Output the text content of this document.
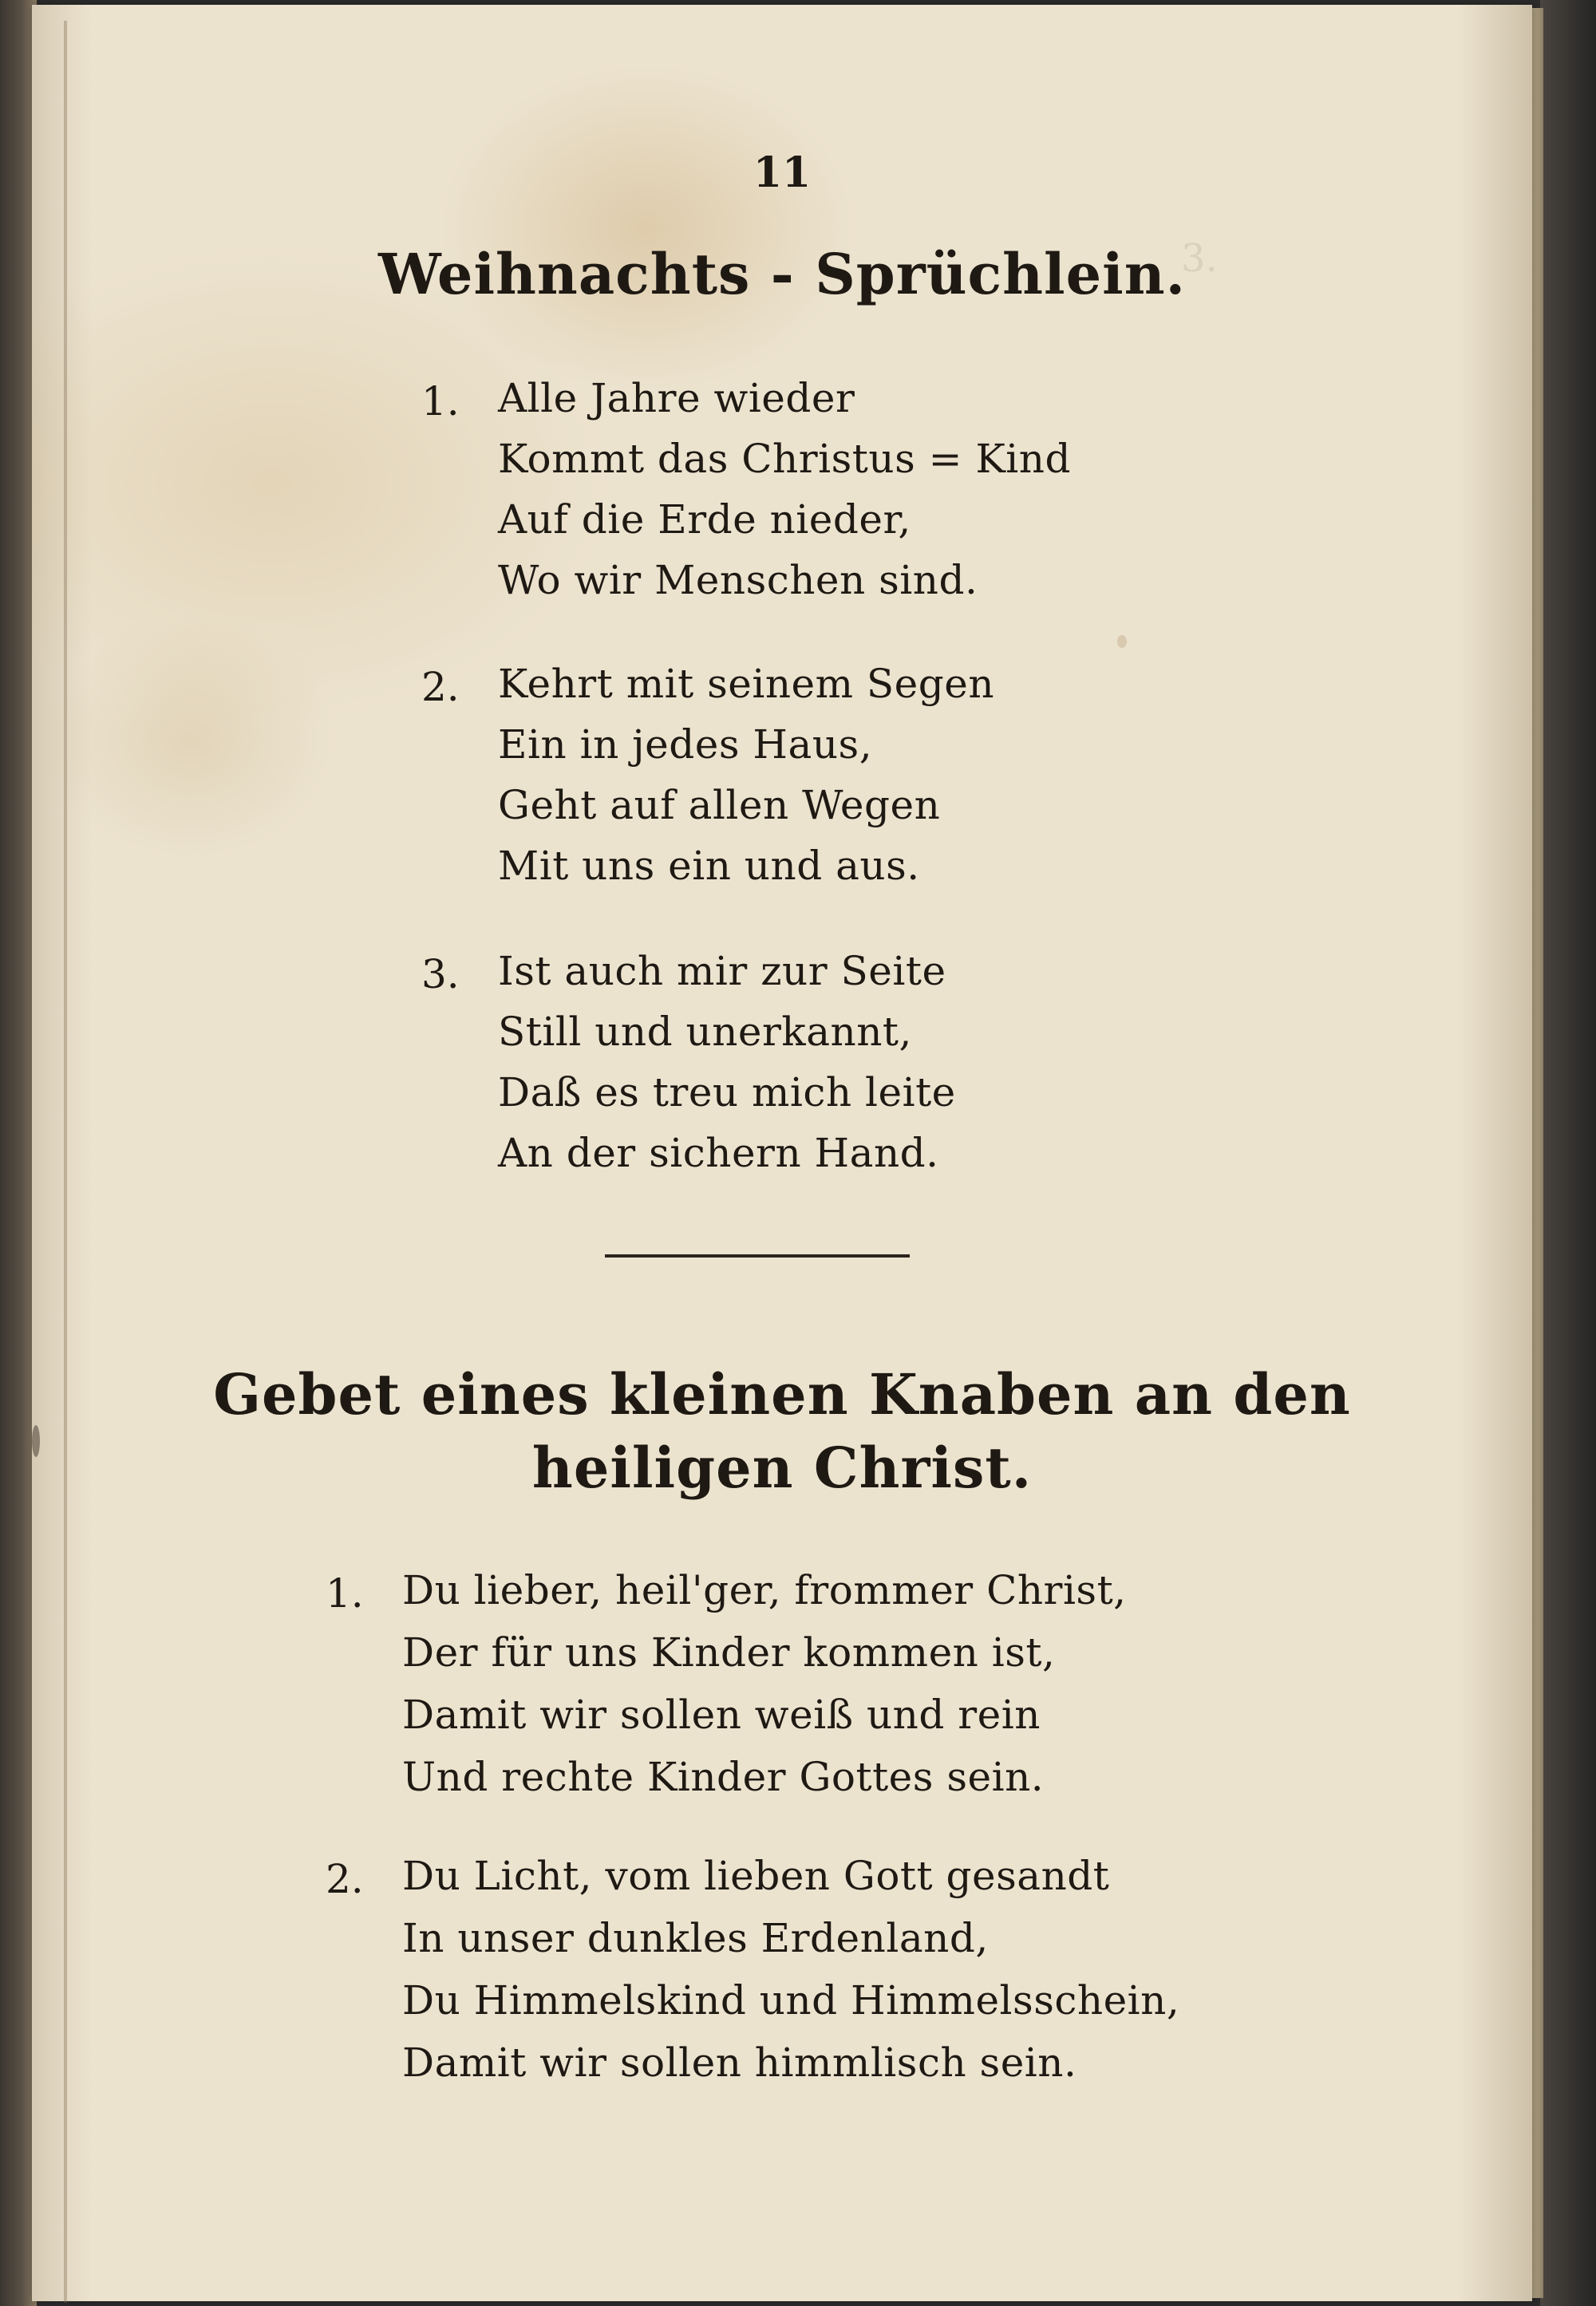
3.

11
Weihnachts - Sprüchlein.
1. Alle Jahre wieder
Kommt das Christus = Kind
Auf die Erde nieder,
Wo wir Menschen sind.
2. Kehrt mit seinem Segen
Ein in jedes Haus,
Geht auf allen Wegen
Mit uns ein und aus.
3. Ist auch mir zur Seite
Still und unerkannt,
Daß es treu mich leite
An der sichern Hand.
Gebet eines kleinen Knaben an den
heiligen Christ.
1. Du lieber, heil'ger, frommer Christ,
Der für uns Kinder kommen ist,
Damit wir sollen weiß und rein
Und rechte Kinder Gottes sein.
2. Du Licht, vom lieben Gott gesandt
In unser dunkles Erdenland,
Du Himmelskind und Himmelsschein,
Damit wir sollen himmlisch sein.
